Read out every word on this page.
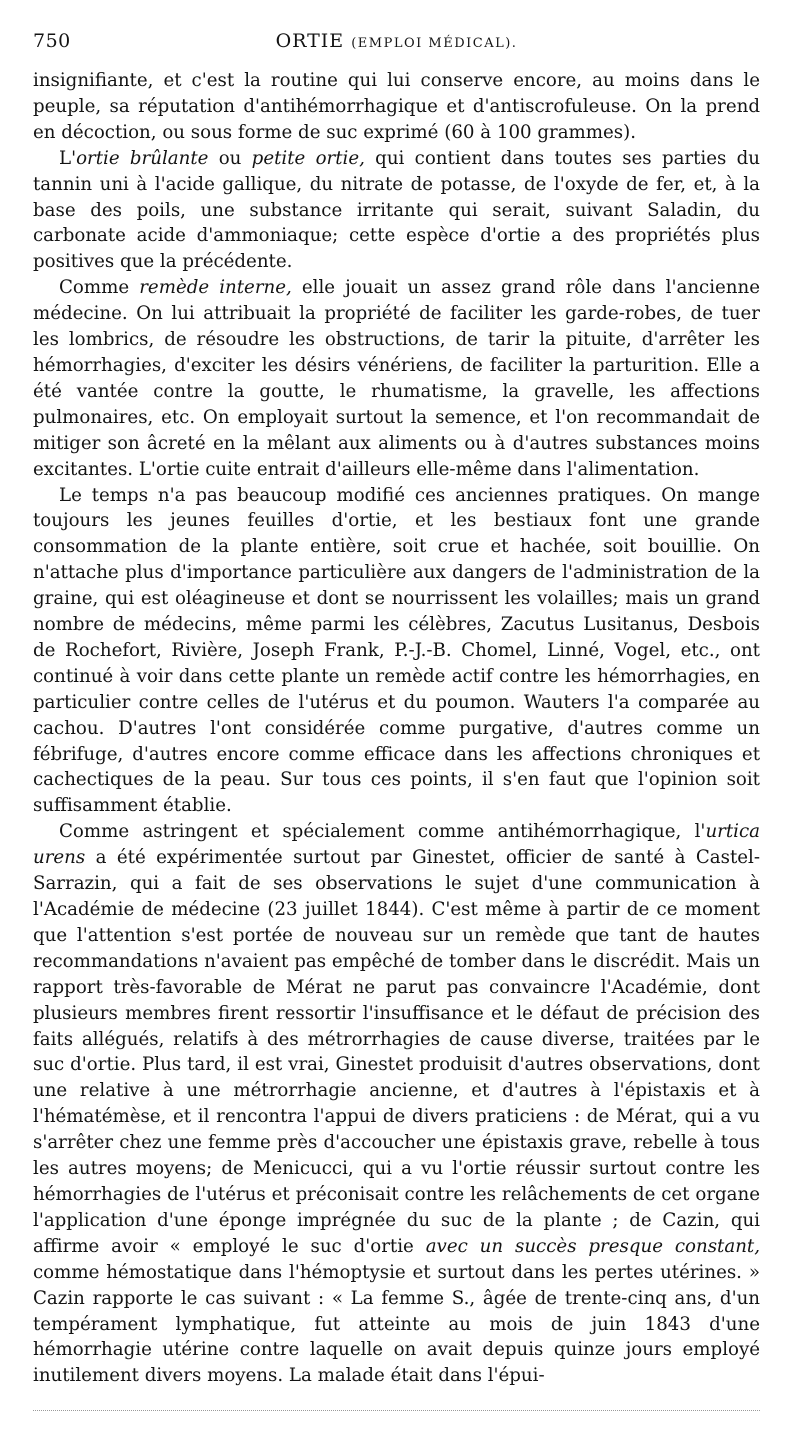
750	ORTIE (EMPLOI MÉDICAL).

insignifiante, et c'est la routine qui lui conserve encore, au moins dans le peuple, sa réputation d'antihémorrhagique et d'antiscrofuleuse. On la prend en décoction, ou sous forme de suc exprimé (60 à 100 grammes).

L'ortie brûlante ou petite ortie, qui contient dans toutes ses parties du tannin uni à l'acide gallique, du nitrate de potasse, de l'oxyde de fer, et, à la base des poils, une substance irritante qui serait, suivant Saladin, du carbonate acide d'ammoniaque; cette espèce d'ortie a des propriétés plus positives que la précédente.

Comme remède interne, elle jouait un assez grand rôle dans l'ancienne médecine. On lui attribuait la propriété de faciliter les garde-robes, de tuer les lombrics, de résoudre les obstructions, de tarir la pituite, d'arrêter les hémorrhagies, d'exciter les désirs vénériens, de faciliter la parturition. Elle a été vantée contre la goutte, le rhumatisme, la gravelle, les affections pulmonaires, etc. On employait surtout la semence, et l'on recommandait de mitiger son âcreté en la mêlant aux aliments ou à d'autres substances moins excitantes. L'ortie cuite entrait d'ailleurs elle-même dans l'alimentation.

Le temps n'a pas beaucoup modifié ces anciennes pratiques. On mange toujours les jeunes feuilles d'ortie, et les bestiaux font une grande consommation de la plante entière, soit crue et hachée, soit bouillie. On n'attache plus d'importance particulière aux dangers de l'administration de la graine, qui est oléagineuse et dont se nourrissent les volailles; mais un grand nombre de médecins, même parmi les célèbres, Zacutus Lusitanus, Desbois de Rochefort, Rivière, Joseph Frank, P.-J.-B. Chomel, Linné, Vogel, etc., ont continué à voir dans cette plante un remède actif contre les hémorrhagies, en particulier contre celles de l'utérus et du poumon. Wauters l'a comparée au cachou. D'autres l'ont considérée comme purgative, d'autres comme un fébrifuge, d'autres encore comme efficace dans les affections chroniques et cachectiques de la peau. Sur tous ces points, il s'en faut que l'opinion soit suffisamment établie.

Comme astringent et spécialement comme antihémorrhagique, l'urtica urens a été expérimentée surtout par Ginestet, officier de santé à Castel-Sarrazin, qui a fait de ses observations le sujet d'une communication à l'Académie de médecine (23 juillet 1844). C'est même à partir de ce moment que l'attention s'est portée de nouveau sur un remède que tant de hautes recommandations n'avaient pas empêché de tomber dans le discrédit. Mais un rapport très-favorable de Mérat ne parut pas convaincre l'Académie, dont plusieurs membres firent ressortir l'insuffisance et le défaut de précision des faits allégués, relatifs à des métrorrhagies de cause diverse, traitées par le suc d'ortie. Plus tard, il est vrai, Ginestet produisit d'autres observations, dont une relative à une métrorrhagie ancienne, et d'autres à l'épistaxis et à l'hématémèse, et il rencontra l'appui de divers praticiens : de Mérat, qui a vu s'arrêter chez une femme près d'accoucher une épistaxis grave, rebelle à tous les autres moyens; de Menicucci, qui a vu l'ortie réussir surtout contre les hémorrhagies de l'utérus et préconisait contre les relâchements de cet organe l'application d'une éponge imprégnée du suc de la plante ; de Cazin, qui affirme avoir « employé le suc d'ortie avec un succès presque constant, comme hémostatique dans l'hémoptysie et surtout dans les pertes utérines. » Cazin rapporte le cas suivant : « La femme S., âgée de trente-cinq ans, d'un tempérament lymphatique, fut atteinte au mois de juin 1843 d'une hémorrhagie utérine contre laquelle on avait depuis quinze jours employé inutilement divers moyens. La malade était dans l'épui-
